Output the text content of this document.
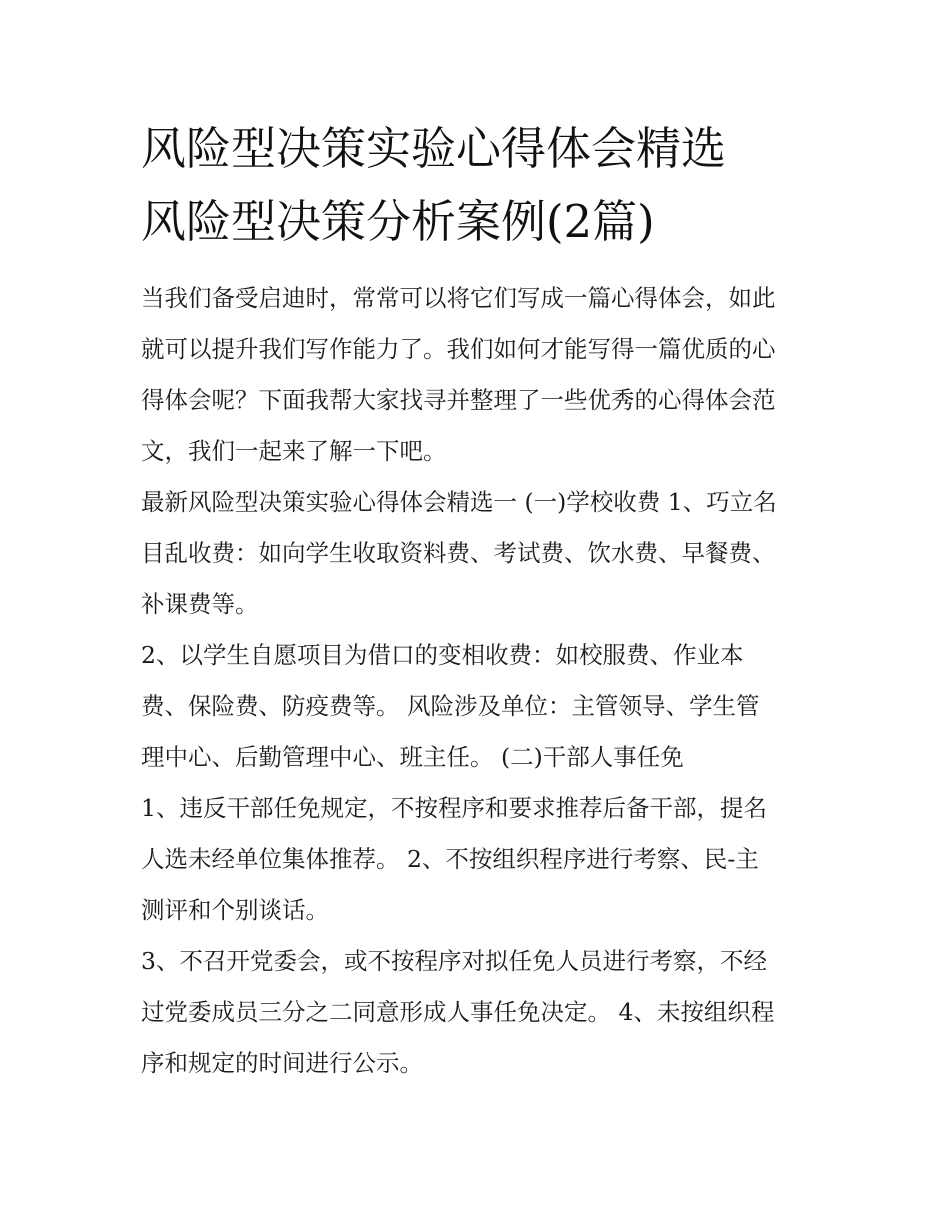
风险型决策实验心得体会精选
风险型决策分析案例(2篇)

当我们备受启迪时，常常可以将它们写成一篇心得体会，如此
就可以提升我们写作能力了。我们如何才能写得一篇优质的心
得体会呢？下面我帮大家找寻并整理了一些优秀的心得体会范
文，我们一起来了解一下吧。

最新风险型决策实验心得体会精选一 (一)学校收费 1、巧立名
目乱收费：如向学生收取资料费、考试费、饮水费、早餐费、
补课费等。

2、以学生自愿项目为借口的变相收费：如校服费、作业本
费、保险费、防疫费等。 风险涉及单位：主管领导、学生管
理中心、后勤管理中心、班主任。 (二)干部人事任免

1、违反干部任免规定，不按程序和要求推荐后备干部，提名
人选未经单位集体推荐。 2、不按组织程序进行考察、民-主
测评和个别谈话。

3、不召开党委会，或不按程序对拟任免人员进行考察，不经
过党委成员三分之二同意形成人事任免决定。 4、未按组织程
序和规定的时间进行公示。
